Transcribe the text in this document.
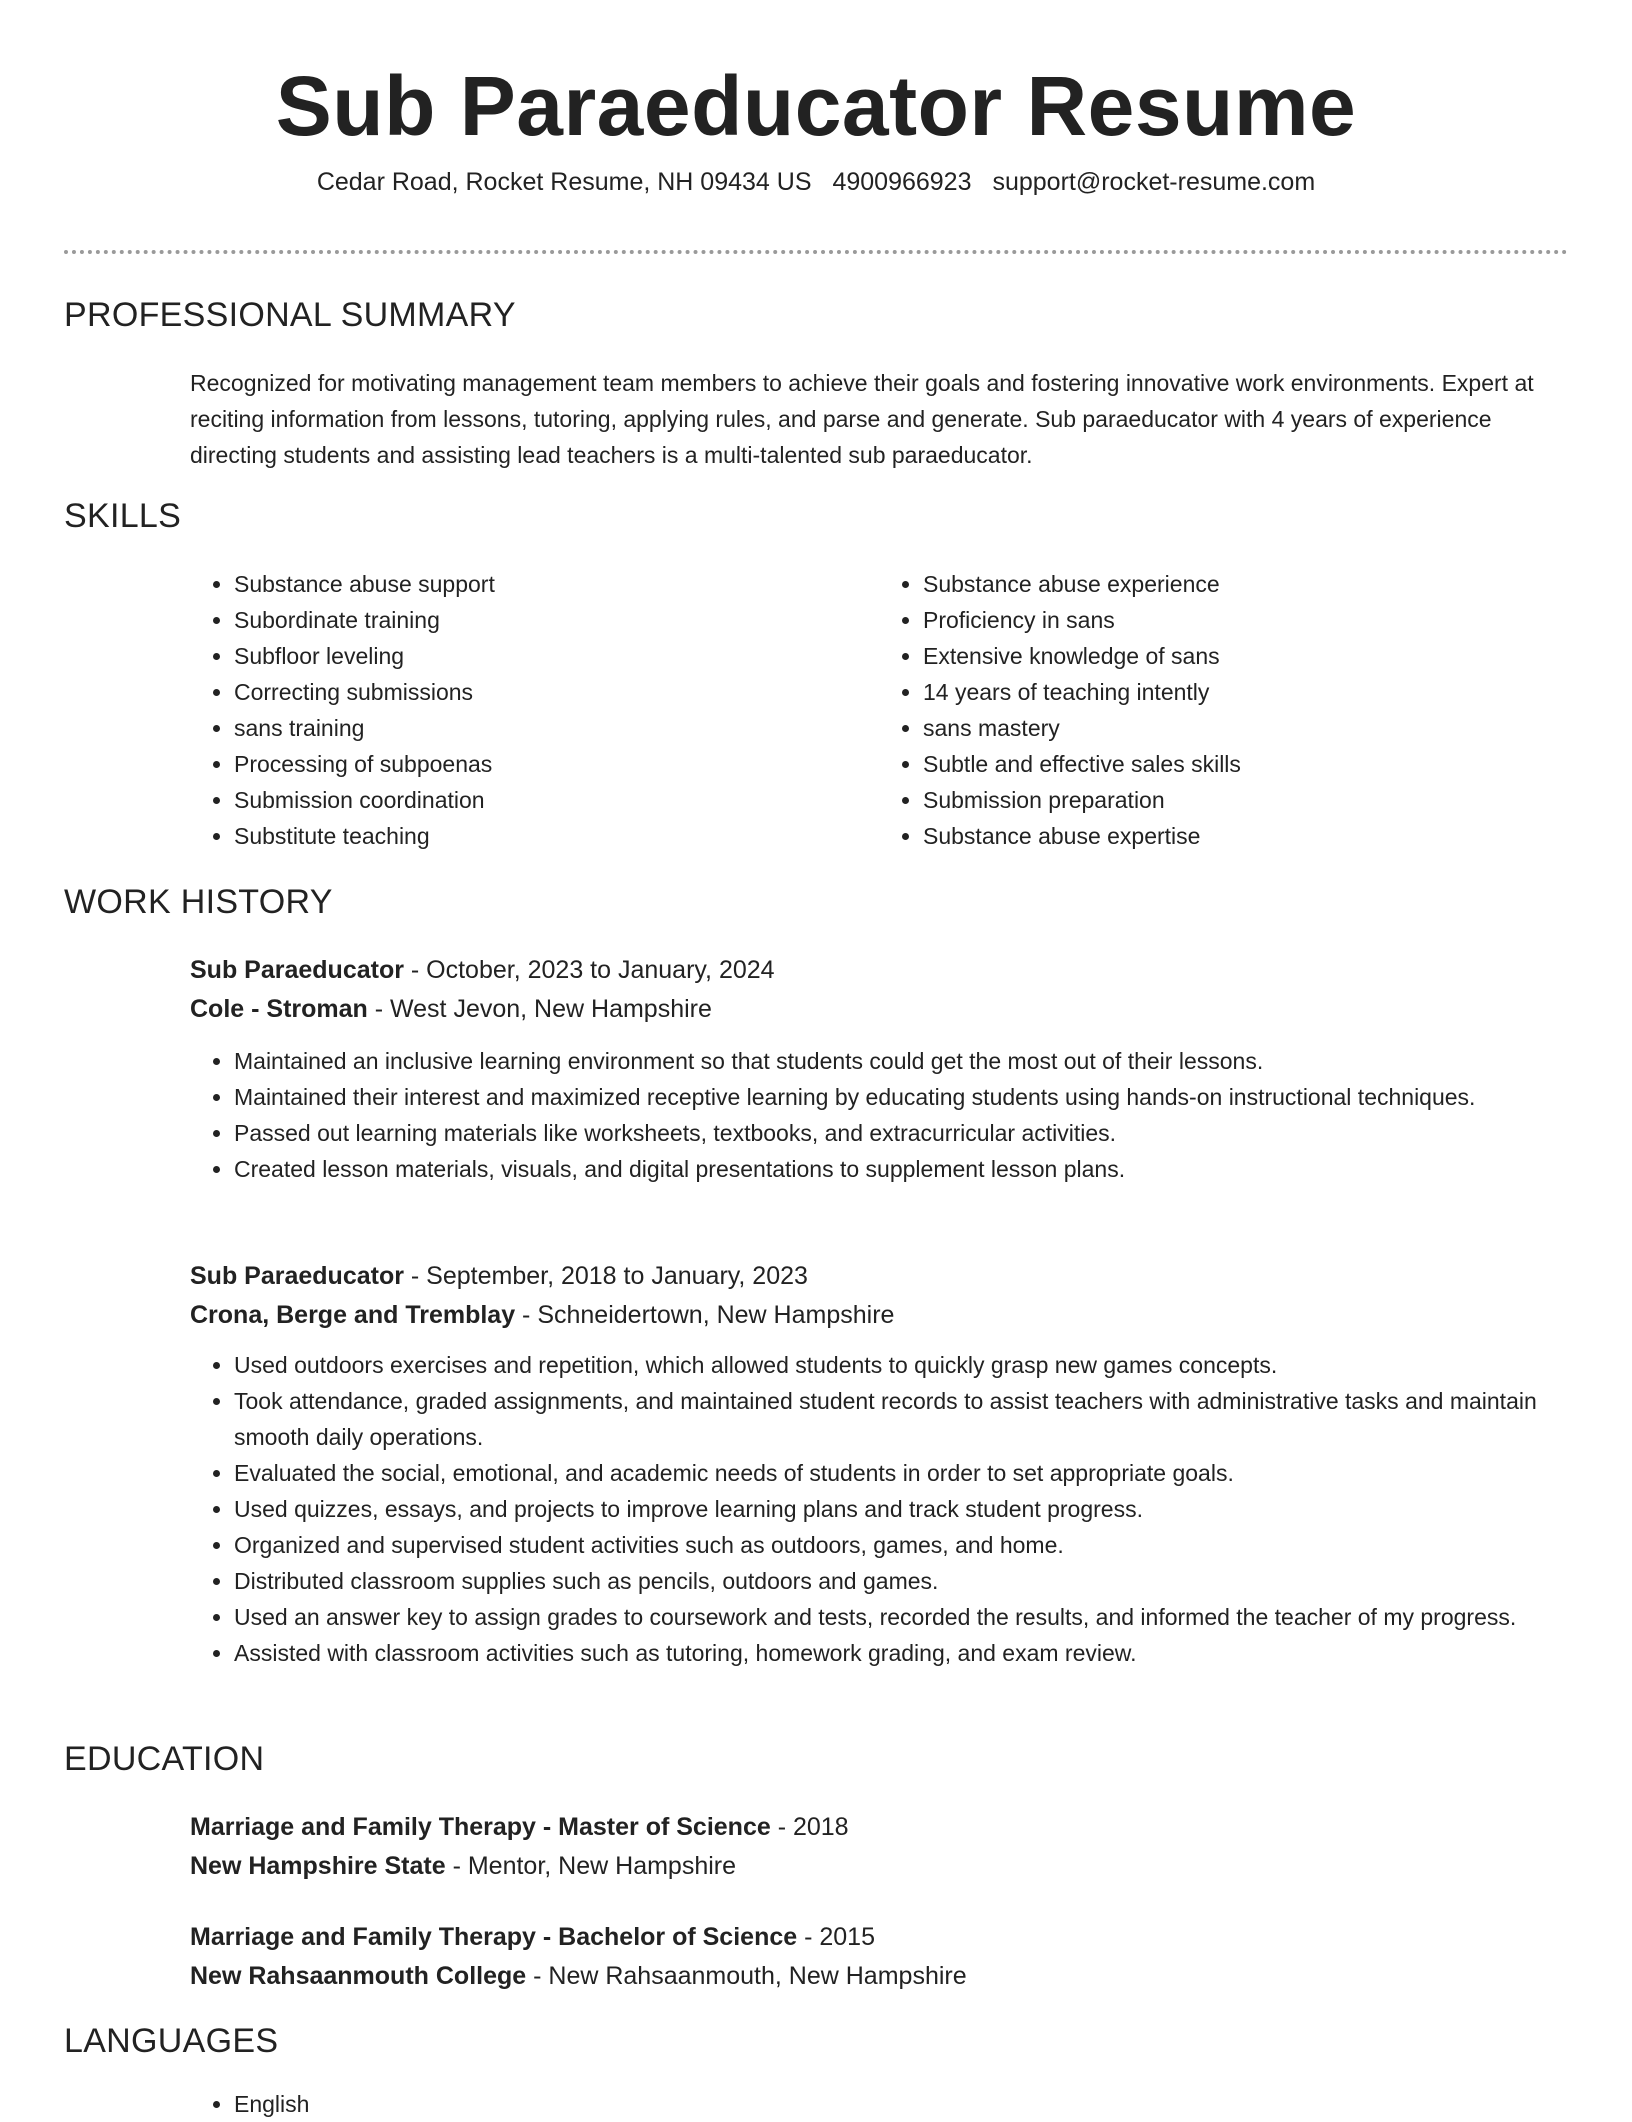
Sub Paraeducator Resume
Cedar Road, Rocket Resume, NH 09434 US 4900966923 support@rocket-resume.com
PROFESSIONAL SUMMARY
Recognized for motivating management team members to achieve their goals and fostering innovative work environments. Expert at reciting information from lessons, tutoring, applying rules, and parse and generate. Sub paraeducator with 4 years of experience directing students and assisting lead teachers is a multi-talented sub paraeducator.
SKILLS
• Substance abuse support
• Subordinate training
• Subfloor leveling
• Correcting submissions
• sans training
• Processing of subpoenas
• Submission coordination
• Substitute teaching
• Substance abuse experience
• Proficiency in sans
• Extensive knowledge of sans
• 14 years of teaching intently
• sans mastery
• Subtle and effective sales skills
• Submission preparation
• Substance abuse expertise
WORK HISTORY
Sub Paraeducator - October, 2023 to January, 2024
Cole - Stroman - West Jevon, New Hampshire
• Maintained an inclusive learning environment so that students could get the most out of their lessons.
• Maintained their interest and maximized receptive learning by educating students using hands-on instructional techniques.
• Passed out learning materials like worksheets, textbooks, and extracurricular activities.
• Created lesson materials, visuals, and digital presentations to supplement lesson plans.
Sub Paraeducator - September, 2018 to January, 2023
Crona, Berge and Tremblay - Schneidertown, New Hampshire
• Used outdoors exercises and repetition, which allowed students to quickly grasp new games concepts.
• Took attendance, graded assignments, and maintained student records to assist teachers with administrative tasks and maintain smooth daily operations.
• Evaluated the social, emotional, and academic needs of students in order to set appropriate goals.
• Used quizzes, essays, and projects to improve learning plans and track student progress.
• Organized and supervised student activities such as outdoors, games, and home.
• Distributed classroom supplies such as pencils, outdoors and games.
• Used an answer key to assign grades to coursework and tests, recorded the results, and informed the teacher of my progress.
• Assisted with classroom activities such as tutoring, homework grading, and exam review.
EDUCATION
Marriage and Family Therapy - Master of Science - 2018
New Hampshire State - Mentor, New Hampshire
Marriage and Family Therapy - Bachelor of Science - 2015
New Rahsaanmouth College - New Rahsaanmouth, New Hampshire
LANGUAGES
• English
